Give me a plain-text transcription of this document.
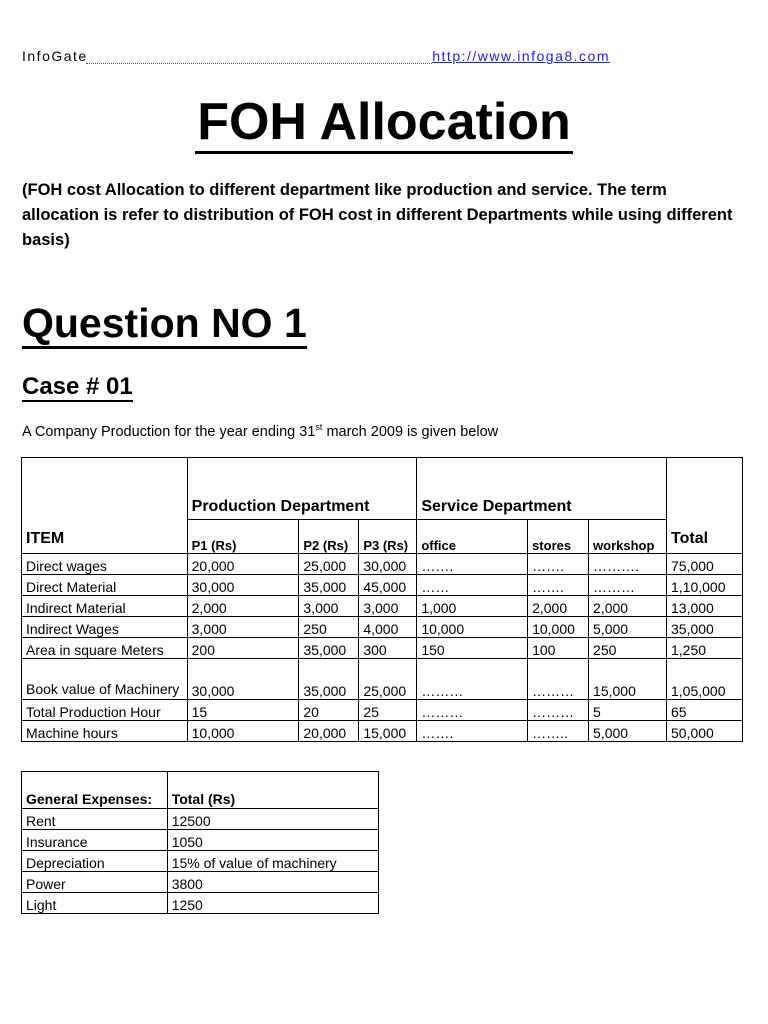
InfoGate	http://www.infoga8.com
FOH Allocation
(FOH cost Allocation to different department like production and service. The term allocation is refer to distribution of FOH cost in different Departments while using different basis)
Question NO 1
Case # 01
A Company Production for the year ending 31st march 2009 is given below
ITEM	Production Department			Service Department			Total
	P1 (Rs)	P2 (Rs)	P3 (Rs)	office	stores	workshop	
Direct wages	20,000	25,000	30,000	…….	…….	……….	75,000
Direct Material	30,000	35,000	45,000	……	…….	………	1,10,000
Indirect Material	2,000	3,000	3,000	1,000	2,000	2,000	13,000
Indirect Wages	3,000	250	4,000	10,000	10,000	5,000	35,000
Area in square Meters	200	35,000	300	150	100	250	1,250
Book value of Machinery	30,000	35,000	25,000	………	………	15,000	1,05,000
Total Production Hour	15	20	25	………	………	5	65
Machine hours	10,000	20,000	15,000	…….	……..	5,000	50,000
General Expenses:	Total (Rs)
Rent	12500
Insurance	1050
Depreciation	15% of value of machinery
Power	3800
Light	1250
